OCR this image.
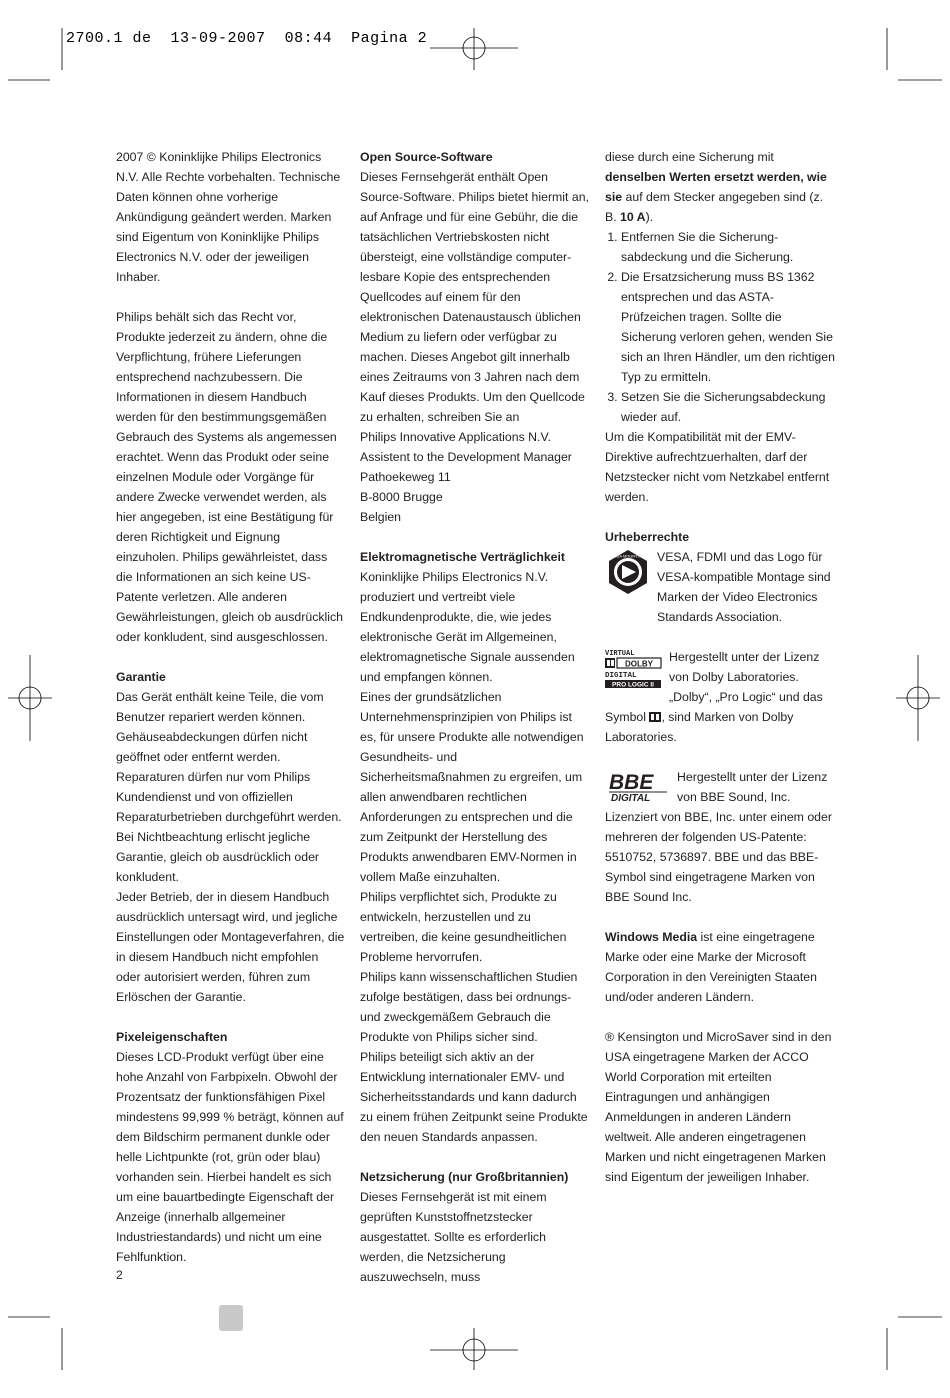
2700.1 de 13-09-2007 08:44 Pagina 2

2007 © Koninklijke Philips Electronics N.V. Alle Rechte vorbehalten. Technische Daten können ohne vorherige Ankündigung geändert werden. Marken sind Eigentum von Koninklijke Philips Electronics N.V. oder der jeweiligen Inhaber.

Philips behält sich das Recht vor, Produkte jederzeit zu ändern, ohne die Verpflichtung, frühere Lieferungen entsprechend nachzubessern. Die Informationen in diesem Handbuch werden für den bestimmungsgemäßen Gebrauch des Systems als angemessen erachtet. Wenn das Produkt oder seine einzelnen Module oder Vorgänge für andere Zwecke verwendet werden, als hier angegeben, ist eine Bestätigung für deren Richtigkeit und Eignung einzuholen. Philips gewährleistet, dass die Informationen an sich keine US-Patente verletzen. Alle anderen Gewährleistungen, gleich ob ausdrücklich oder konkludent, sind ausgeschlossen.

Garantie

Das Gerät enthält keine Teile, die vom Benutzer repariert werden können. Gehäuseabdeckungen dürfen nicht geöffnet oder entfernt werden. Reparaturen dürfen nur vom Philips Kundendienst und von offiziellen Reparaturbetrieben durchgeführt werden. Bei Nichtbeachtung erlischt jegliche Garantie, gleich ob ausdrücklich oder konkludent.

Jeder Betrieb, der in diesem Handbuch ausdrücklich untersagt wird, und jegliche Einstellungen oder Montageverfahren, die in diesem Handbuch nicht empfohlen oder autorisiert werden, führen zum Erlöschen der Garantie.

Pixeleigenschaften

Dieses LCD-Produkt verfügt über eine hohe Anzahl von Farbpixeln. Obwohl der Prozentsatz der funktionsfähigen Pixel mindestens 99,999 % beträgt, können auf dem Bildschirm permanent dunkle oder helle Lichtpunkte (rot, grün oder blau) vorhanden sein. Hierbei handelt es sich um eine bauartbedingte Eigenschaft der Anzeige (innerhalb allgemeiner Industriestandards) und nicht um eine Fehlfunktion.

Open Source-Software

Dieses Fernsehgerät enthält Open Source-Software. Philips bietet hiermit an, auf Anfrage und für eine Gebühr, die die tatsächlichen Vertriebskosten nicht übersteigt, eine vollständige computer-lesbare Kopie des entsprechenden Quellcodes auf einem für den elektronischen Datenaustausch üblichen Medium zu liefern oder verfügbar zu machen. Dieses Angebot gilt innerhalb eines Zeitraums von 3 Jahren nach dem Kauf dieses Produkts. Um den Quellcode zu erhalten, schreiben Sie an

Philips Innovative Applications N.V.

Assistent to the Development Manager

Pathoekeweg 11

B-8000 Brugge

Belgien

Elektromagnetische Verträglichkeit

Koninklijke Philips Electronics N.V. produziert und vertreibt viele Endkundenprodukte, die, wie jedes elektronische Gerät im Allgemeinen, elektromagnetische Signale aussenden und empfangen können.

Eines der grundsätzlichen Unternehmensprinzipien von Philips ist es, für unsere Produkte alle notwendigen Gesundheits- und Sicherheitsmaßnahmen zu ergreifen, um allen anwendbaren rechtlichen Anforderungen zu entsprechen und die zum Zeitpunkt der Herstellung des Produkts anwendbaren EMV-Normen in vollem Maße einzuhalten.

Philips verpflichtet sich, Produkte zu entwickeln, herzustellen und zu vertreiben, die keine gesundheitlichen Probleme hervorrufen.

Philips kann wissenschaftlichen Studien zufolge bestätigen, dass bei ordnungs- und zweckgemäßem Gebrauch die Produkte von Philips sicher sind.

Philips beteiligt sich aktiv an der Entwicklung internationaler EMV- und Sicherheitsstandards und kann dadurch zu einem frühen Zeitpunkt seine Produkte den neuen Standards anpassen.

Netzsicherung (nur Großbritannien)

Dieses Fernsehgerät ist mit einem geprüften Kunststoffnetzstecker ausgestattet. Sollte es erforderlich werden, die Netzsicherung auszuwechseln, muss

diese durch eine Sicherung mit denselben Werten ersetzt werden, wie sie auf dem Stecker angegeben sind (z. B. 10 A).

1. Entfernen Sie die Sicherung-sabdeckung und die Sicherung.
2. Die Ersatzsicherung muss BS 1362 entsprechen und das ASTA-Prüfzeichen tragen. Sollte die Sicherung verloren gehen, wenden Sie sich an Ihren Händler, um den richtigen Typ zu ermitteln.
3. Setzen Sie die Sicherungsabdeckung wieder auf.

Um die Kompatibilität mit der EMV-Direktive aufrechtzuerhalten, darf der Netzstecker nicht vom Netzkabel entfernt werden.

Urheberrechte
VESA MOUNTING VESA, FDMI und das Logo für VESA-kompatible Montage sind Marken der Video Electronics Standards Association.

VIRTUAL
DOLBY
DIGITAL
PRO LOGIC II

Hergestellt unter der Lizenz von Dolby Laboratories. „Dolby“, „Pro Logic“ und das Symbol , sind Marken von Dolby Laboratories.

BBE
DIGITAL

Hergestellt unter der Lizenz von BBE Sound, Inc. Lizenziert von BBE, Inc. unter einem oder mehreren der folgenden US-Patente: 5510752, 5736897. BBE und das BBE-Symbol sind eingetragene Marken von BBE Sound Inc.

Windows Media ist eine eingetragene Marke oder eine Marke der Microsoft Corporation in den Vereinigten Staaten und/oder anderen Ländern.

® Kensington und MicroSaver sind in den USA eingetragene Marken der ACCO World Corporation mit erteilten Eintragungen und anhängigen Anmeldungen in anderen Ländern weltweit. Alle anderen eingetragenen Marken und nicht eingetragenen Marken sind Eigentum der jeweiligen Inhaber.

2
